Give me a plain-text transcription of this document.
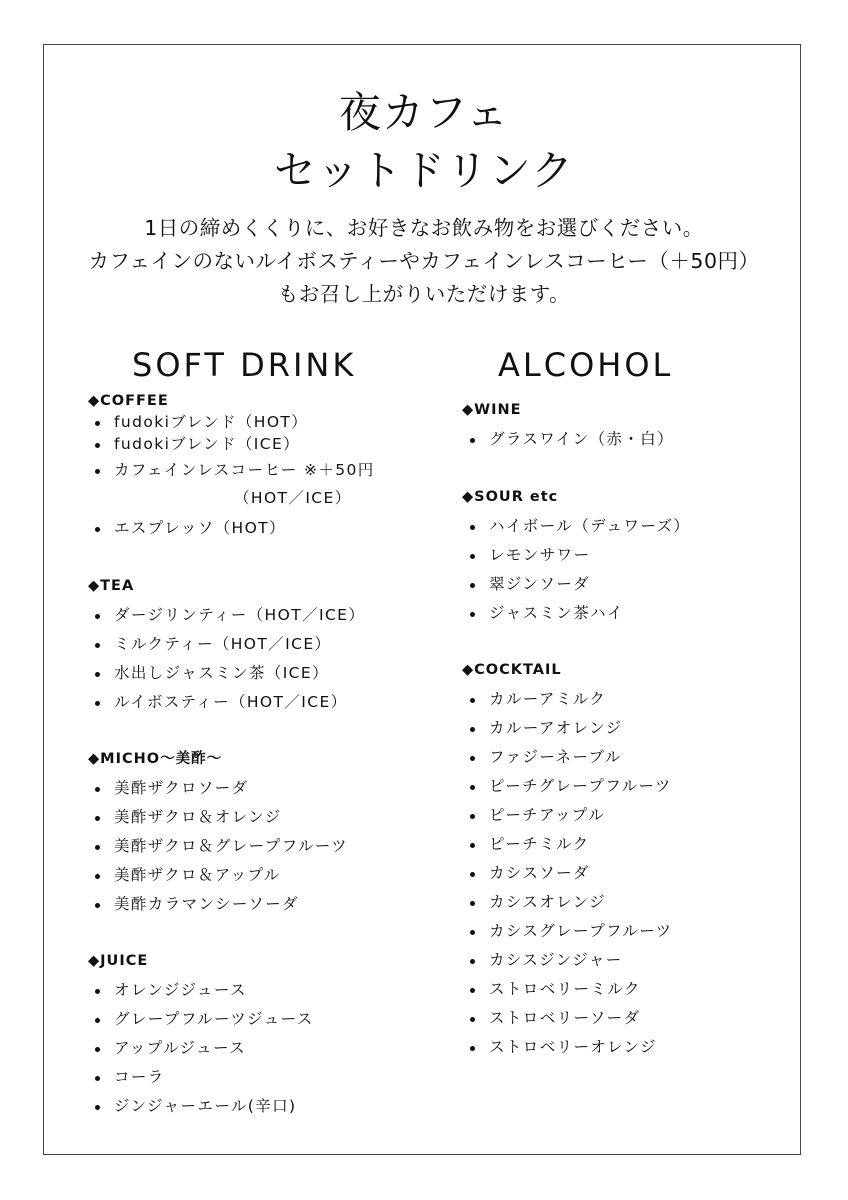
夜カフェ
セットドリンク
1日の締めくくりに、お好きなお飲み物をお選びください。
カフェインのないルイボスティーやカフェインレスコーヒー（＋50円）
もお召し上がりいただけます。
SOFT DRINK
◆COFFEE
fudokiブレンド（HOT）
fudokiブレンド（ICE）
カフェインレスコーヒー ※＋50円
（HOT／ICE）
エスプレッソ（HOT）
◆TEA
ダージリンティー（HOT／ICE）
ミルクティー（HOT／ICE）
水出しジャスミン茶（ICE）
ルイボスティー（HOT／ICE）
◆MICHO～美酢～
美酢ザクロソーダ
美酢ザクロ＆オレンジ
美酢ザクロ＆グレープフルーツ
美酢ザクロ＆アップル
美酢カラマンシーソーダ
◆JUICE
オレンジジュース
グレープフルーツジュース
アップルジュース
コーラ
ジンジャーエール(辛口)
ALCOHOL
◆WINE
グラスワイン（赤・白）
◆SOUR etc
ハイボール（デュワーズ）
レモンサワー
翠ジンソーダ
ジャスミン茶ハイ
◆COCKTAIL
カルーアミルク
カルーアオレンジ
ファジーネーブル
ピーチグレープフルーツ
ピーチアップル
ピーチミルク
カシスソーダ
カシスオレンジ
カシスグレープフルーツ
カシスジンジャー
ストロベリーミルク
ストロベリーソーダ
ストロベリーオレンジ
